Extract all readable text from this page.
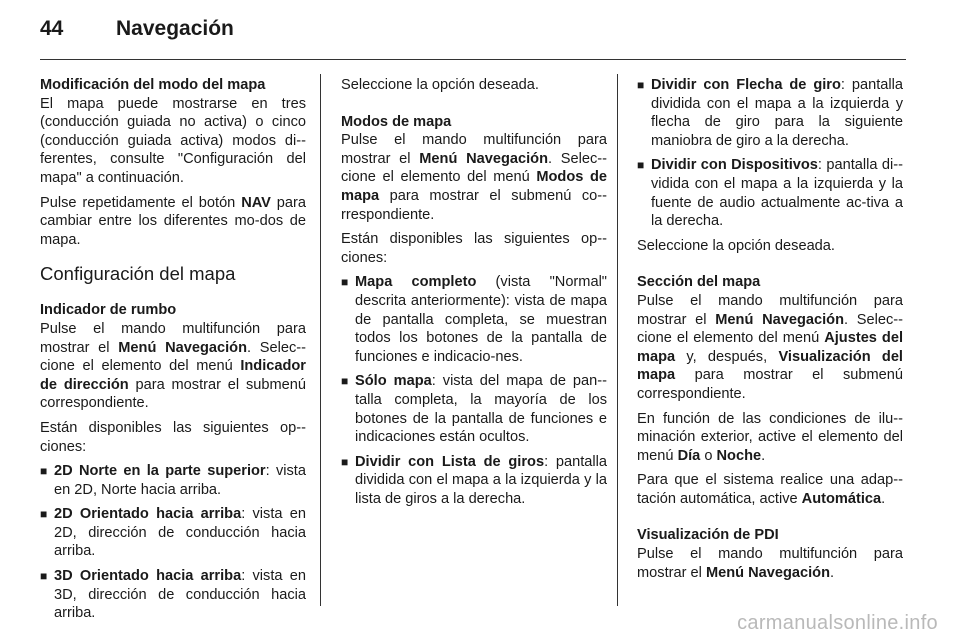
44	Navegación
Modificación del modo del mapa

El mapa puede mostrarse en tres (conducción guiada no activa) o cinco (conducción guiada activa) modos di-ferentes, consulte "Configuración del mapa" a continuación.

Pulse repetidamente el botón NAV para cambiar entre los diferentes mo-dos de mapa.

Configuración del mapa
Indicador de rumbo

Pulse el mando multifunción para mostrar el Menú Navegación. Selec-cione el elemento del menú Indicador de dirección para mostrar el submenú correspondiente.

Están disponibles las siguientes op-ciones:

■ 2D Norte en la parte superior: vista en 2D, Norte hacia arriba.
■ 2D Orientado hacia arriba: vista en 2D, dirección de conducción hacia arriba.
■ 3D Orientado hacia arriba: vista en 3D, dirección de conducción hacia arriba.

Seleccione la opción deseada.

Modos de mapa

Pulse el mando multifunción para mostrar el Menú Navegación. Selec-cione el elemento del menú Modos de mapa para mostrar el submenú co-rrespondiente.

Están disponibles las siguientes op-ciones:

■ Mapa completo (vista "Normal" descrita anteriormente): vista de mapa de pantalla completa, se muestran todos los botones de la pantalla de funciones e indicacio-nes.
■ Sólo mapa: vista del mapa de pan-talla completa, la mayoría de los botones de la pantalla de funciones e indicaciones están ocultos.
■ Dividir con Lista de giros: pantalla dividida con el mapa a la izquierda y la lista de giros a la derecha.
■ Dividir con Flecha de giro: pantalla dividida con el mapa a la izquierda y flecha de giro para la siguiente maniobra de giro a la derecha.
■ Dividir con Dispositivos: pantalla di-vidida con el mapa a la izquierda y la fuente de audio actualmente ac-tiva a la derecha.

Seleccione la opción deseada.

Sección del mapa

Pulse el mando multifunción para mostrar el Menú Navegación. Selec-cione el elemento del menú Ajustes del mapa y, después, Visualización del mapa para mostrar el submenú correspondiente.

En función de las condiciones de ilu-minación exterior, active el elemento del menú Día o Noche.

Para que el sistema realice una adap-tación automática, active Automática.

Visualización de PDI

Pulse el mando multifunción para mostrar el Menú Navegación.

carmanualsonline.info
